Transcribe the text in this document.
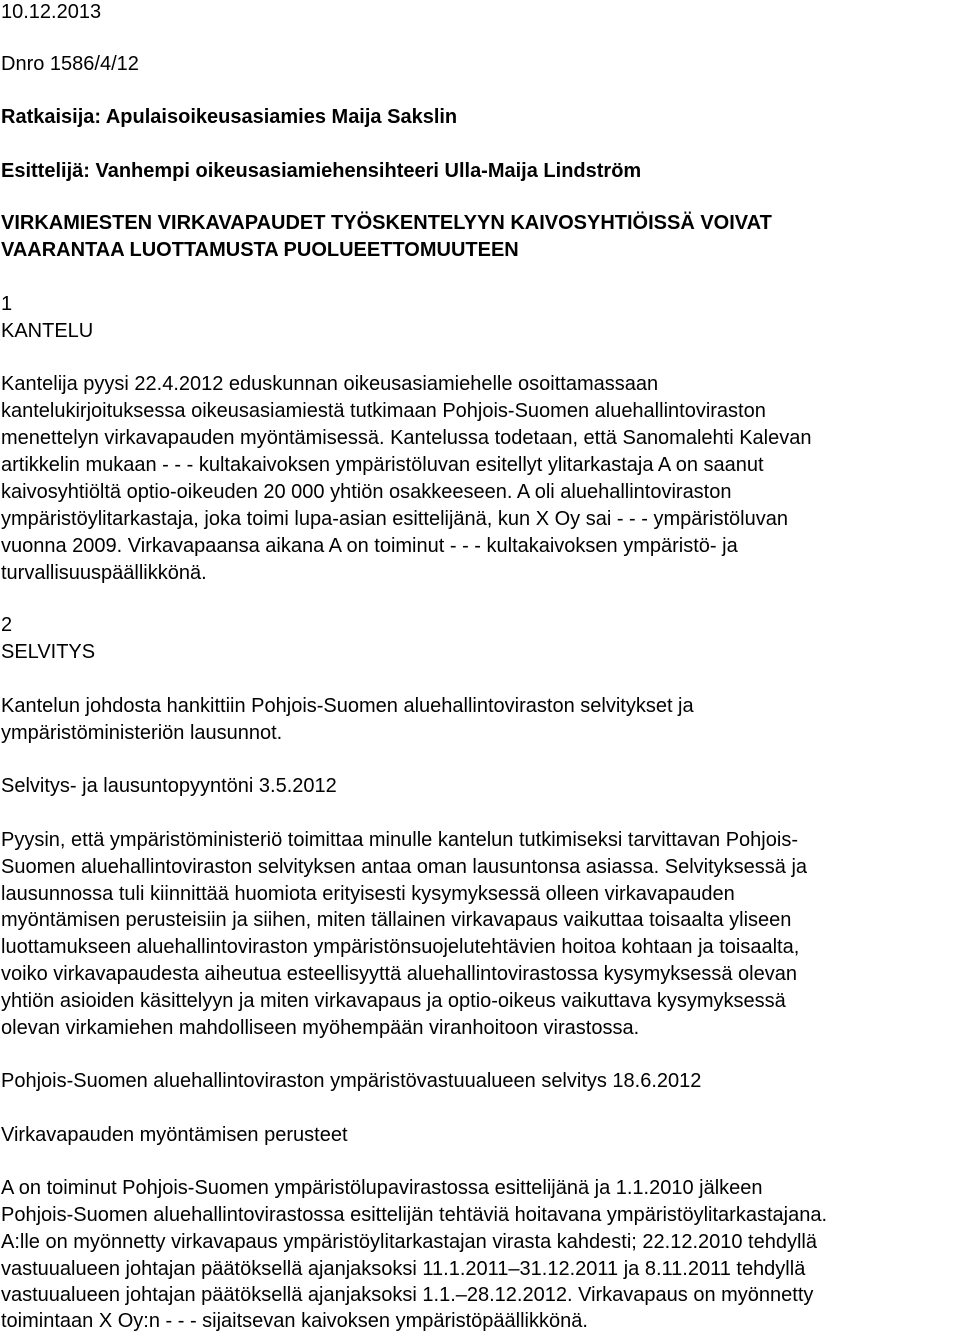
10.12.2013
Dnro 1586/4/12
Ratkaisija: Apulaisoikeusasiamies Maija Sakslin
Esittelijä: Vanhempi oikeusasiamiehensihteeri Ulla-Maija Lindström
VIRKAMIESTEN VIRKAVAPAUDET TYÖSKENTELYYN KAIVOSYHTIÖISSÄ VOIVAT
VAARANTAA LUOTTAMUSTA PUOLUEETTOMUUTEEN
1
KANTELU
Kantelija pyysi 22.4.2012 eduskunnan oikeusasiamiehelle osoittamassaan
kantelukirjoituksessa oikeusasiamiestä tutkimaan Pohjois-Suomen aluehallintoviraston
menettelyn virkavapauden myöntämisessä. Kantelussa todetaan, että Sanomalehti Kalevan
artikkelin mukaan - - - kultakaivoksen ympäristöluvan esitellyt ylitarkastaja A on saanut
kaivosyhtiöltä optio-oikeuden 20 000 yhtiön osakkeeseen. A oli aluehallintoviraston
ympäristöylitarkastaja, joka toimi lupa-asian esittelijänä, kun X Oy sai - - - ympäristöluvan
vuonna 2009. Virkavapaansa aikana A on toiminut - - - kultakaivoksen ympäristö- ja
turvallisuuspäällikkönä.
2
SELVITYS
Kantelun johdosta hankittiin Pohjois-Suomen aluehallintoviraston selvitykset ja
ympäristöministeriön lausunnot.
Selvitys- ja lausuntopyyntöni 3.5.2012
Pyysin, että ympäristöministeriö toimittaa minulle kantelun tutkimiseksi tarvittavan Pohjois-
Suomen aluehallintoviraston selvityksen antaa oman lausuntonsa asiassa. Selvityksessä ja
lausunnossa tuli kiinnittää huomiota erityisesti kysymyksessä olleen virkavapauden
myöntämisen perusteisiin ja siihen, miten tällainen virkavapaus vaikuttaa toisaalta yliseen
luottamukseen aluehallintoviraston ympäristönsuojelutehtävien hoitoa kohtaan ja toisaalta,
voiko virkavapaudesta aiheutua esteellisyyttä aluehallintovirastossa kysymyksessä olevan
yhtiön asioiden käsittelyyn ja miten virkavapaus ja optio-oikeus vaikuttava kysymyksessä
olevan virkamiehen mahdolliseen myöhempään viranhoitoon virastossa.
Pohjois-Suomen aluehallintoviraston ympäristövastuualueen selvitys 18.6.2012
Virkavapauden myöntämisen perusteet
A on toiminut Pohjois-Suomen ympäristölupavirastossa esittelijänä ja 1.1.2010 jälkeen
Pohjois-Suomen aluehallintovirastossa esittelijän tehtäviä hoitavana ympäristöylitarkastajana.
A:lle on myönnetty virkavapaus ympäristöylitarkastajan virasta kahdesti; 22.12.2010 tehdyllä
vastuualueen johtajan päätöksellä ajanjaksoksi 11.1.2011–31.12.2011 ja 8.11.2011 tehdyllä
vastuualueen johtajan päätöksellä ajanjaksoksi 1.1.–28.12.2012. Virkavapaus on myönnetty
toimintaan X Oy:n - - - sijaitsevan kaivoksen ympäristöpäällikkönä.
